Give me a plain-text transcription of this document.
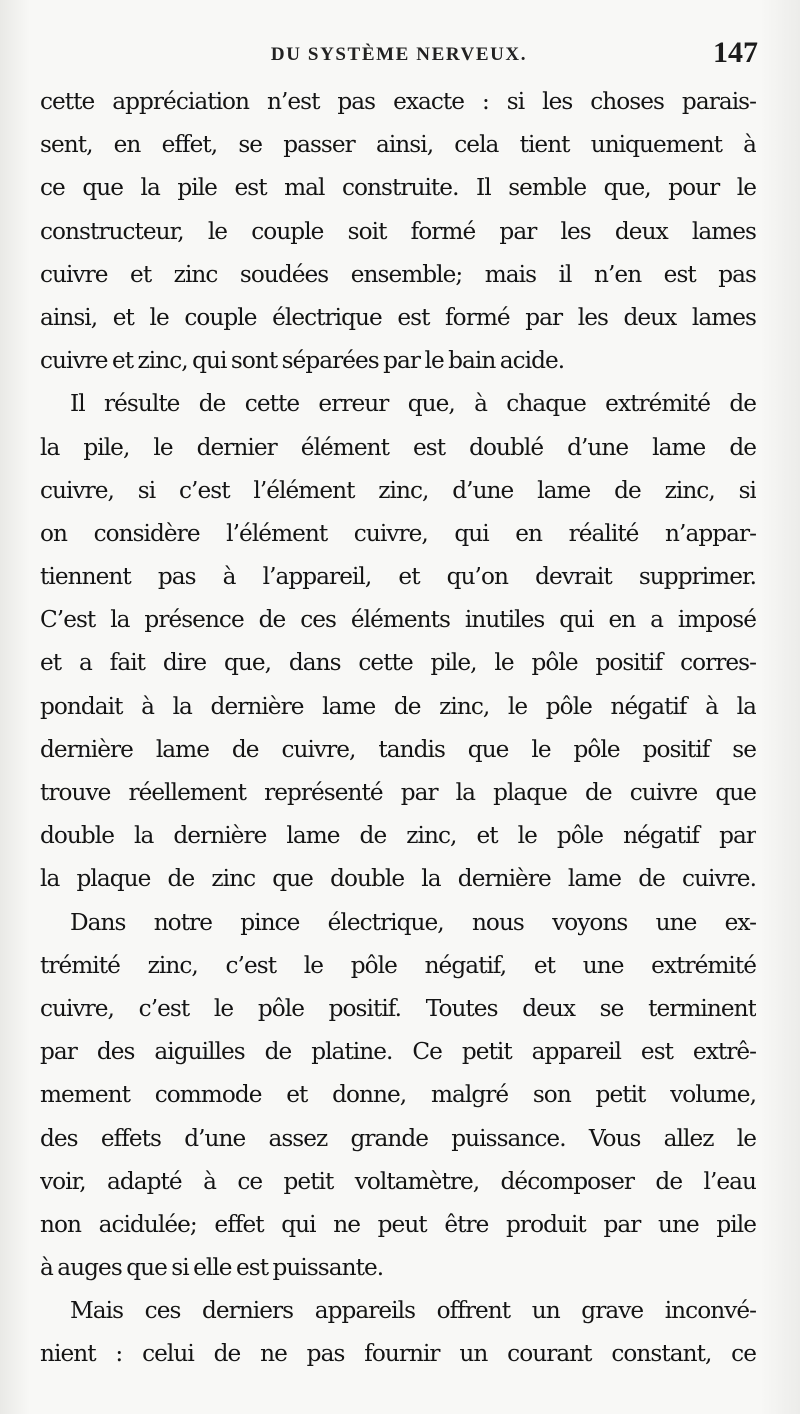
DU SYSTÈME NERVEUX.	147
cette appréciation n’est pas exacte : si les choses parais-
sent, en effet, se passer ainsi, cela tient uniquement à
ce que la pile est mal construite. Il semble que, pour le
constructeur, le couple soit formé par les deux lames
cuivre et zinc soudées ensemble; mais il n’en est pas
ainsi, et le couple électrique est formé par les deux lames
cuivre et zinc, qui sont séparées par le bain acide.
Il résulte de cette erreur que, à chaque extrémité de
la pile, le dernier élément est doublé d’une lame de
cuivre, si c’est l’élément zinc, d’une lame de zinc, si
on considère l’élément cuivre, qui en réalité n’appar-
tiennent pas à l’appareil, et qu’on devrait supprimer.
C’est la présence de ces éléments inutiles qui en a imposé
et a fait dire que, dans cette pile, le pôle positif corres-
pondait à la dernière lame de zinc, le pôle négatif à la
dernière lame de cuivre, tandis que le pôle positif se
trouve réellement représenté par la plaque de cuivre que
double la dernière lame de zinc, et le pôle négatif par
la plaque de zinc que double la dernière lame de cuivre.
Dans notre pince électrique, nous voyons une ex-
trémité zinc, c’est le pôle négatif, et une extrémité
cuivre, c’est le pôle positif. Toutes deux se terminent
par des aiguilles de platine. Ce petit appareil est extrê-
mement commode et donne, malgré son petit volume,
des effets d’une assez grande puissance. Vous allez le
voir, adapté à ce petit voltamètre, décomposer de l’eau
non acidulée; effet qui ne peut être produit par une pile
à auges que si elle est puissante.
Mais ces derniers appareils offrent un grave inconvé-
nient : celui de ne pas fournir un courant constant, ce
